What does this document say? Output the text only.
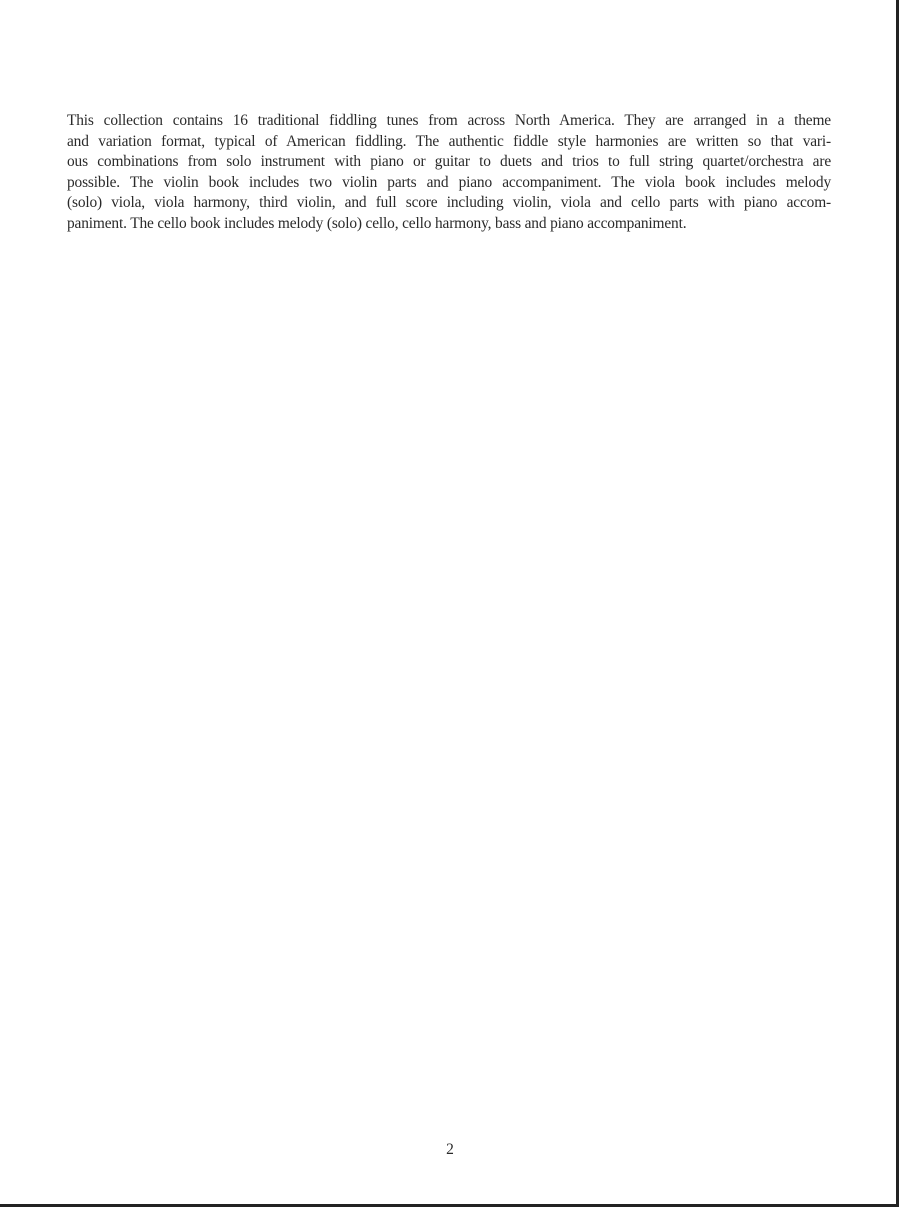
This collection contains 16 traditional fiddling tunes from across North America. They are arranged in a theme
and variation format, typical of American fiddling. The authentic fiddle style harmonies are written so that vari-
ous combinations from solo instrument with piano or guitar to duets and trios to full string quartet/orchestra are
possible. The violin book includes two violin parts and piano accompaniment. The viola book includes melody
(solo) viola, viola harmony, third violin, and full score including violin, viola and cello parts with piano accom-
paniment. The cello book includes melody (solo) cello, cello harmony, bass and piano accompaniment.

2
